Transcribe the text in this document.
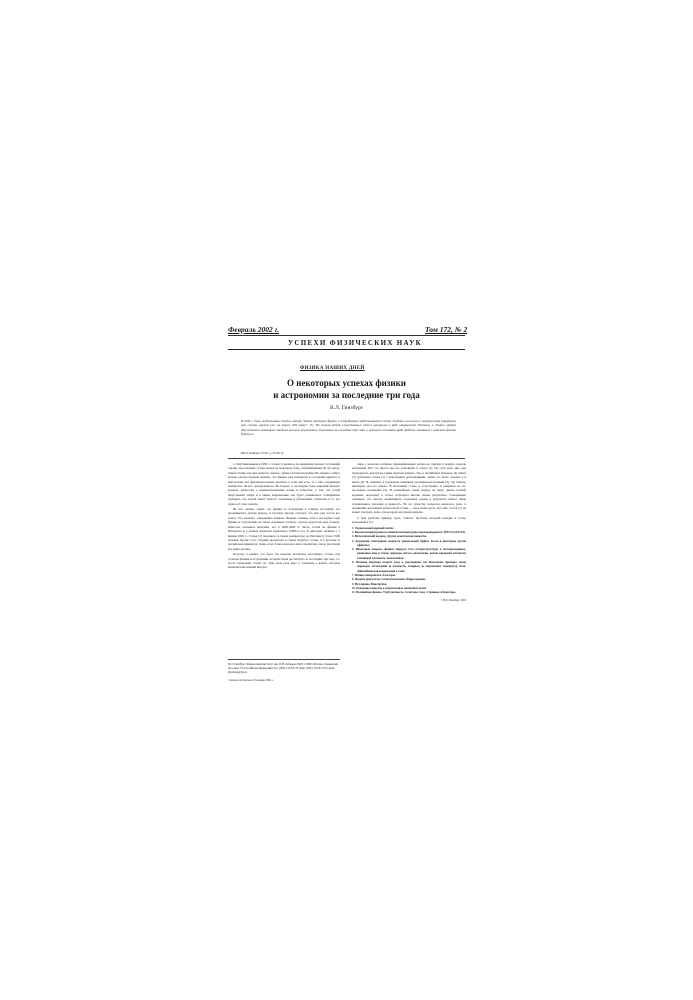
Февраль 2002 г.
УСПЕХИ ФИЗИЧЕСКИХ НАУК
Том 172, № 2
ФИЗИКА НАШИХ ДНЕЙ
О некоторых успехах физики
и астрономии за последние три года
В.Л. Гинзбург
В 1999 г. была опубликована статья автора "Какие проблемы физики и астрофизики представляются сейчас особенно важными и интересными (тридцать лет спустя, причем уже на пороге XXI века)?" [1]. Но сколько-нибудь существенные сдвиги произошли в ряде направлений. Поэтому в статье кратко обсуждаются некоторые наиболее важные результаты, полученные за последние три года, и освещено состояние ряда проблем, связанных с задачами физики будущего.
PACS numbers: 01.30.–y, 01.90.+g

1. Опубликованная в 1999 г. статья [1] вызвала, по-видимому, интерес и больший отклик, чем прежние статьи автора на подобную тему, опубликованные 30 лет назад. Такой отклик, как мне кажется, связан с двумя обстоятельствами. Во-первых, сейчас весьма распространено мнение, что физика уже находится в состоянии кризиса, в ней больше нет фундаментальных проблем, а если они есть, то о них совершенно неизвестно ничего определенного. Во-вторых, в последние годы широкий интерес вызвала дискуссия о взаимоотношениях науки и общества, о том, что собой представляет наука и в каком направлении она будет развиваться. Совершенно очевидно, что любой такой "список" ограничен и субъективен. Отмечено в то, что нужно об этом сказать.

Не все, однако, знают, что физика и астрономия в течение последних лет продвинулись далеко вперед, и поэтому многие считают, что они уже почти все знают. Это, конечно, совершенно неверно. Иными словами, хотя в последние годы физика и астрономия достигли огромных успехов, сделать предстоит еще больше. Известно сказанное многими, что в 1998–2000 гг. число статей по физике в Интернете и в разных журналах превзошло 10000 в год. Я ежегодно, начиная с 1 января 2002 г., статьи [1] переписал в своем компьютере по Интернету более 3500 человек. Кроме того, сборник прочитали в самом журнале статьи, и в русском, и английском вариантах. Даже если статья оказалась мало прочитана, число читателей все равно велико.

Поэтому я решил, что было бы полезно посвятить настоящую статью тем успехам физики и астрономии, которые были достигнуты за последние три года, т.е. после написания статьи [1]. При этом речь идет в основном о вещах, которые вызвали наибольший интерес.

В.Л. Гинзбург. Физический институт им. П.Н. Лебедева РАН, 119991 Москва, Ленинский проспект 53, Российская Федерация Тел. (095) 135-85-70. Факс (095) 135-85-33 E-mail: ginzburg@lpi.ru
Статья поступила 10 января 2002 г.

связь с началом особенно принципиальных вопросов, причем в первую очередь изложения. Все это просто мы бы дополнили в статье [1]. По сути дела, мне уже приходилось выступать таким образом раньше. Так, в английском переводе [2] книги [3] добавлена статья [1] с некоторыми дополнениями, также это было сделано и в книге [4]. Я, наконец, в последнем немецком расширенном издании [5], где понять, примерно, кое-что нового. В настоящей статье я, естественно, и опираюсь на это последнее изложение [5]. В дальнейшем такой подход не будет давать полной картины, поскольку в статье затронуты многие новые результаты. Совершенно очевидно, что быстро меняющиеся отдельные задачи в результате имеют лишь ограниченное значение и важность. Но по существу вопросов оказалось рано, и понимание настоящей избыточной статьи — вера выше всего. Без них статья [1] не может смотреть роли, для которой она предназначена.

2. Для удобства приведу здесь "список" проблем, который исходил в статье изложения в [5].

1. Управляемый ядерный синтез.
2. Высокотемпературная и комнатнотемпературная сверхпроводимость (ВТСП и КТСП).
3. Металлический водород. Другие экзотические вещества.
4. Двумерная электронная жидкость (аномальный эффект Холла и некоторые другие эффекты).
5. Некоторые вопросы физики твердого тела (гетероструктуры в полупроводниках, квантовые ямы и точки, переходы металл–диэлектрик, волны зарядовой плотности и спиновой плотности, мезоскопика).
6. Фазовые переходы второго рода и родственные им. Некоторые примеры таких переходов. Охлаждение (в частности, лазерное) до сверхнизких температур. Бозе-эйнштейновская конденсация в газах.
7. Физика поверхности. Кластеры.
8. Жидкие кристаллы. Сегнетоэлектрики. Ферротороики.
9. Фуллерены. Нанотрубки.
10. Поведение вещества в сверхсильных магнитных полях.
11. Нелинейная физика. Турбулентность. Солитоны. Хаос. Странные аттракторы.
© В.Л. Гинзбург 2002
